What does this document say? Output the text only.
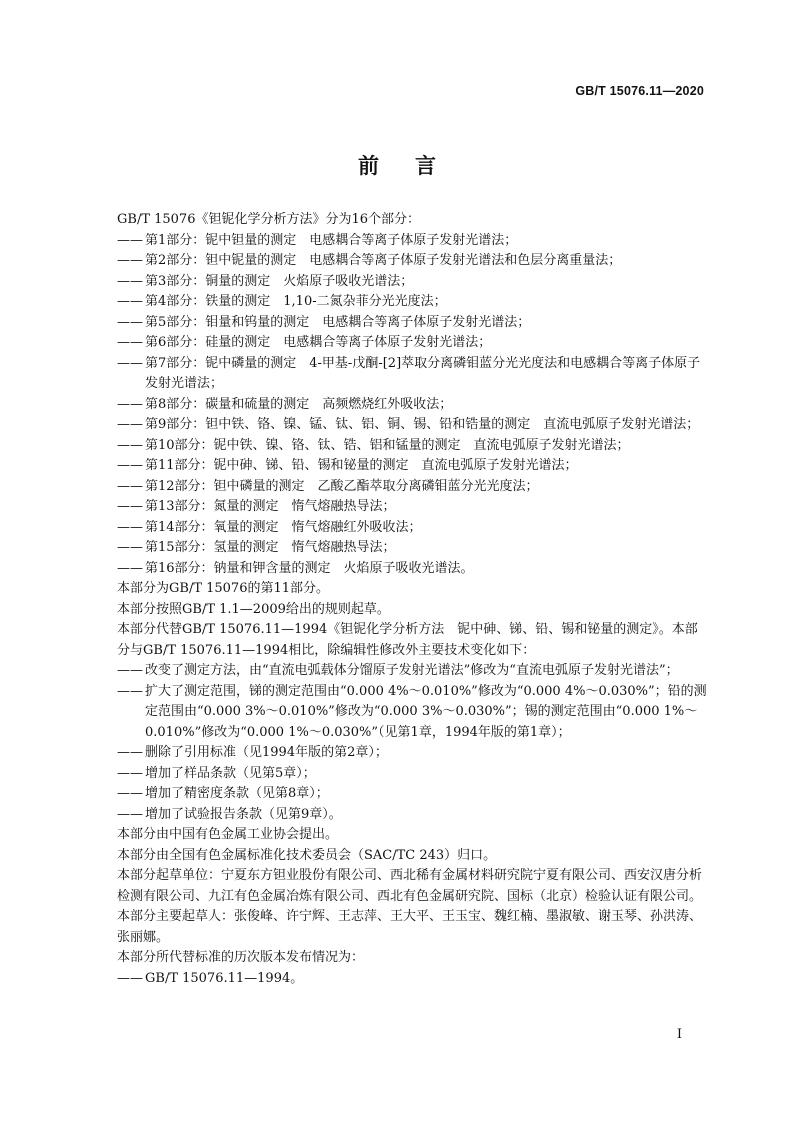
GB/T 15076.11—2020
前言

GB/T 15076《钽铌化学分析方法》分为16个部分：

—— 第1部分：铌中钽量的测定　电感耦合等离子体原子发射光谱法；
—— 第2部分：钽中铌量的测定　电感耦合等离子体原子发射光谱法和色层分离重量法；
—— 第3部分：铜量的测定　火焰原子吸收光谱法；
—— 第4部分：铁量的测定　1,10-二氮杂菲分光光度法；
—— 第5部分：钼量和钨量的测定　电感耦合等离子体原子发射光谱法；
—— 第6部分：硅量的测定　电感耦合等离子体原子发射光谱法；
—— 第7部分：铌中磷量的测定　4-甲基-戊酮-[2]萃取分离磷钼蓝分光光度法和电感耦合等离子体原子发射光谱法；
—— 第8部分：碳量和硫量的测定　高频燃烧红外吸收法；
—— 第9部分：钽中铁、铬、镍、锰、钛、铝、铜、锡、铅和锆量的测定　直流电弧原子发射光谱法；
—— 第10部分：铌中铁、镍、铬、钛、锆、铝和锰量的测定　直流电弧原子发射光谱法；
—— 第11部分：铌中砷、锑、铅、锡和铋量的测定　直流电弧原子发射光谱法；
—— 第12部分：钽中磷量的测定　乙酸乙酯萃取分离磷钼蓝分光光度法；
—— 第13部分：氮量的测定　惰气熔融热导法；
—— 第14部分：氧量的测定　惰气熔融红外吸收法；
—— 第15部分：氢量的测定　惰气熔融热导法；
—— 第16部分：钠量和钾含量的测定　火焰原子吸收光谱法。

本部分为GB/T 15076的第11部分。

本部分按照GB/T 1.1—2009给出的规则起草。

本部分代替GB/T 15076.11—1994《钽铌化学分析方法　铌中砷、锑、铅、锡和铋量的测定》。本部分与GB/T 15076.11—1994相比，除编辑性修改外主要技术变化如下：

—— 改变了测定方法，由“直流电弧载体分馏原子发射光谱法”修改为“直流电弧原子发射光谱法”；
—— 扩大了测定范围，锑的测定范围由“0.000 4%～0.010%”修改为“0.000 4%～0.030%”；铅的测定范围由“0.000 3%～0.010%”修改为“0.000 3%～0.030%”；锡的测定范围由“0.000 1%～0.010%”修改为“0.000 1%～0.030%”（见第1章，1994年版的第1章）；
—— 删除了引用标准（见1994年版的第2章）；
—— 增加了样品条款（见第5章）；
—— 增加了精密度条款（见第8章）；
—— 增加了试验报告条款（见第9章）。

本部分由中国有色金属工业协会提出。

本部分由全国有色金属标准化技术委员会（SAC/TC 243）归口。

本部分起草单位：宁夏东方钽业股份有限公司、西北稀有金属材料研究院宁夏有限公司、西安汉唐分析检测有限公司、九江有色金属冶炼有限公司、西北有色金属研究院、国标（北京）检验认证有限公司。

本部分主要起草人：张俊峰、许宁辉、王志萍、王大平、王玉宝、魏红楠、墨淑敏、谢玉琴、孙洪涛、张丽娜。

本部分所代替标准的历次版本发布情况为：

—— GB/T 15076.11—1994。
I
